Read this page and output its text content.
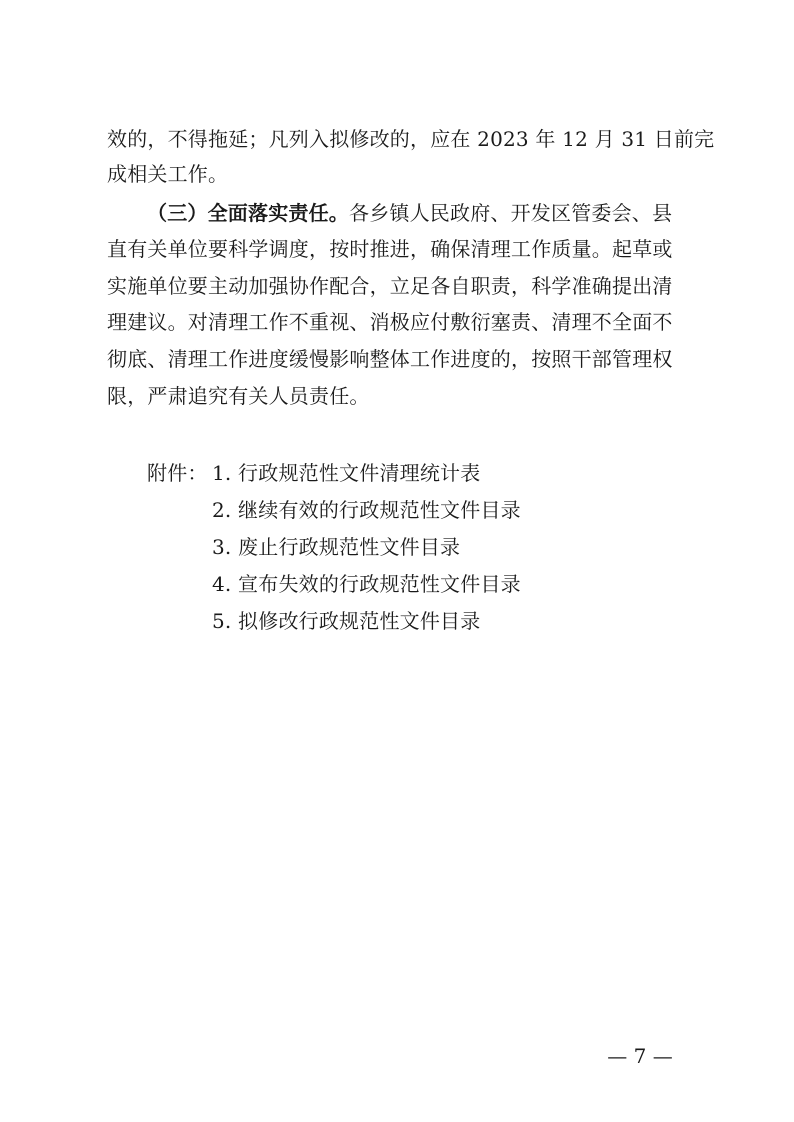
效的，不得拖延；凡列入拟修改的，应在 2023 年 12 月 31 日前完
成相关工作。
（三）全面落实责任。各乡镇人民政府、开发区管委会、县
直有关单位要科学调度，按时推进，确保清理工作质量。起草或
实施单位要主动加强协作配合，立足各自职责，科学准确提出清
理建议。对清理工作不重视、消极应付敷衍塞责、清理不全面不
彻底、清理工作进度缓慢影响整体工作进度的，按照干部管理权
限，严肃追究有关人员责任。
附件： 1. 行政规范性文件清理统计表
2. 继续有效的行政规范性文件目录
3. 废止行政规范性文件目录
4. 宣布失效的行政规范性文件目录
5. 拟修改行政规范性文件目录
— 7 —
